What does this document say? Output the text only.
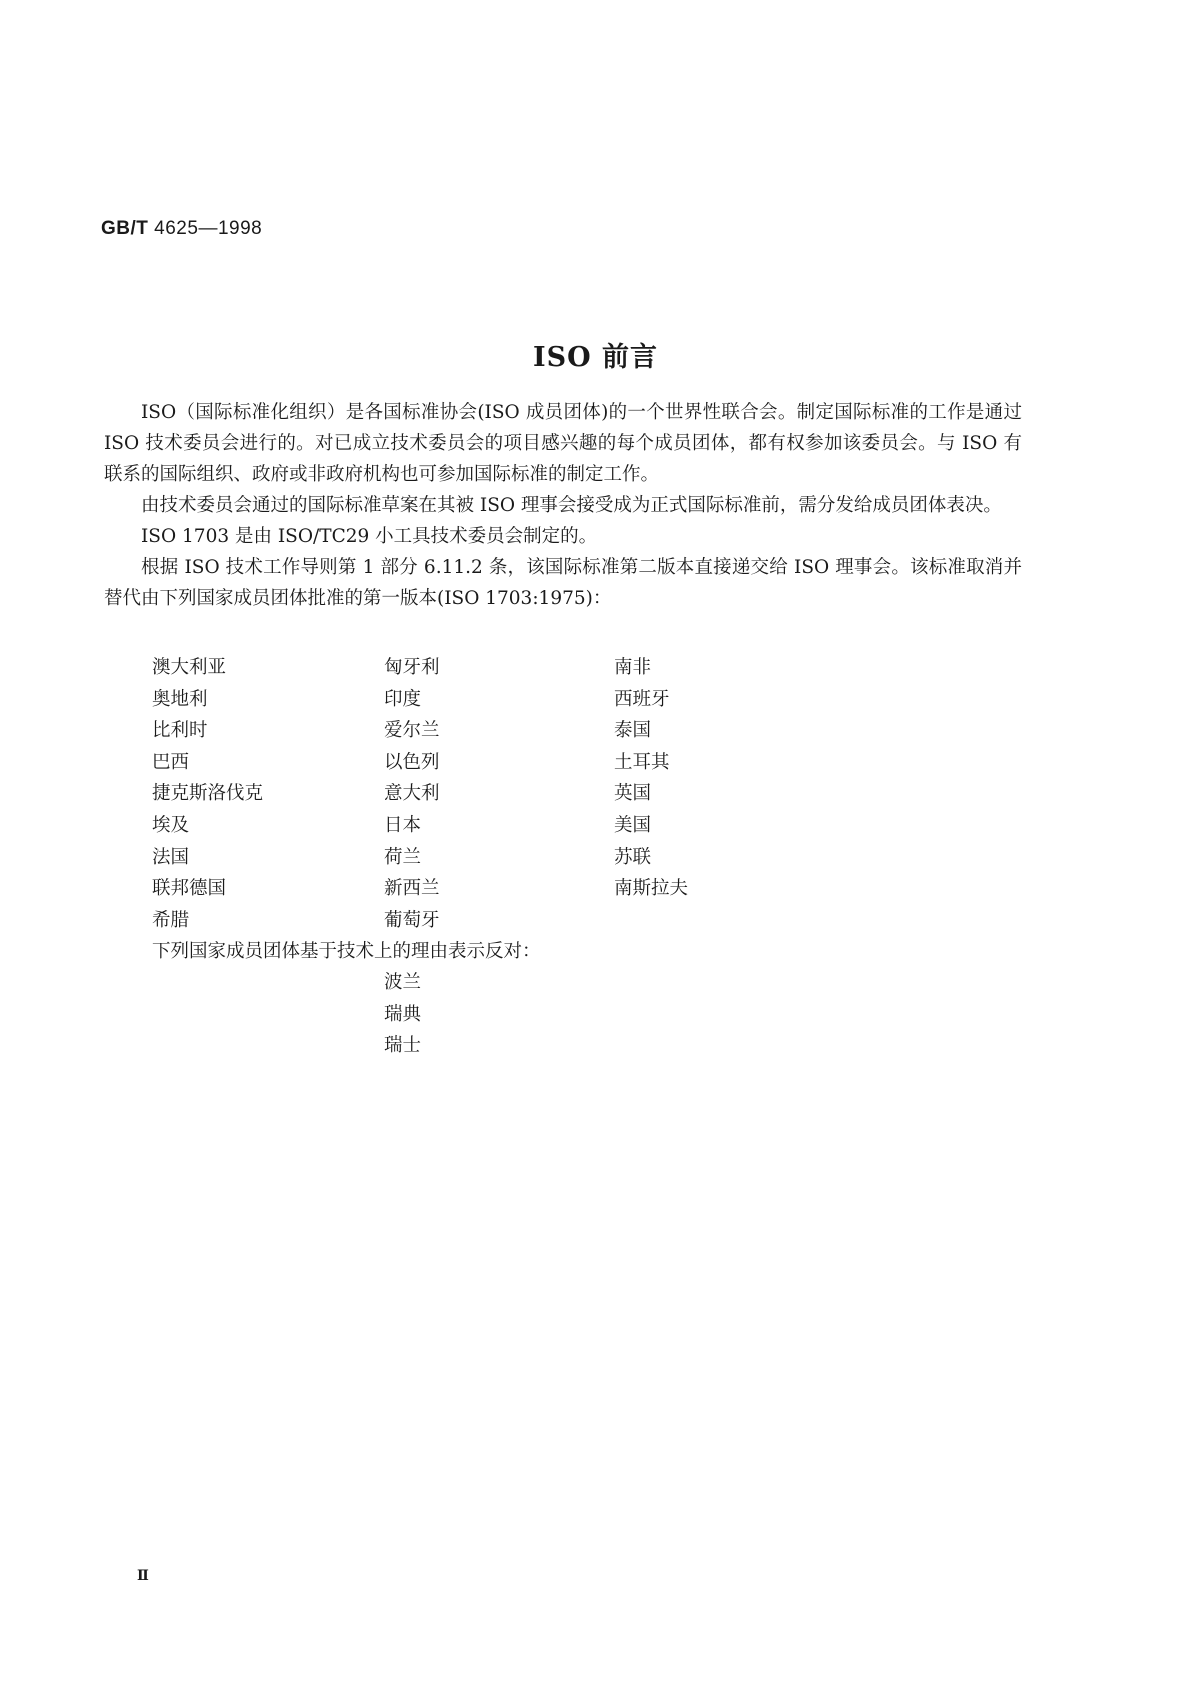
GB/T 4625—1998
ISO 前言

ISO（国际标准化组织）是各国标准协会(ISO 成员团体)的一个世界性联合会。制定国际标准的工作是通过 ISO 技术委员会进行的。对已成立技术委员会的项目感兴趣的每个成员团体，都有权参加该委员会。与 ISO 有联系的国际组织、政府或非政府机构也可参加国际标准的制定工作。

由技术委员会通过的国际标准草案在其被 ISO 理事会接受成为正式国际标准前，需分发给成员团体表决。

ISO 1703 是由 ISO/TC29 小工具技术委员会制定的。

根据 ISO 技术工作导则第 1 部分 6.11.2 条，该国际标准第二版本直接递交给 ISO 理事会。该标准取消并替代由下列国家成员团体批准的第一版本(ISO 1703:1975)：

澳大利亚	匈牙利	南非
奥地利	印度	西班牙
比利时	爱尔兰	泰国
巴西	以色列	土耳其
捷克斯洛伐克	意大利	英国
埃及	日本	美国
法国	荷兰	苏联
联邦德国	新西兰	南斯拉夫
希腊	葡萄牙
下列国家成员团体基于技术上的理由表示反对：
波兰
瑞典
瑞士
Ⅱ
